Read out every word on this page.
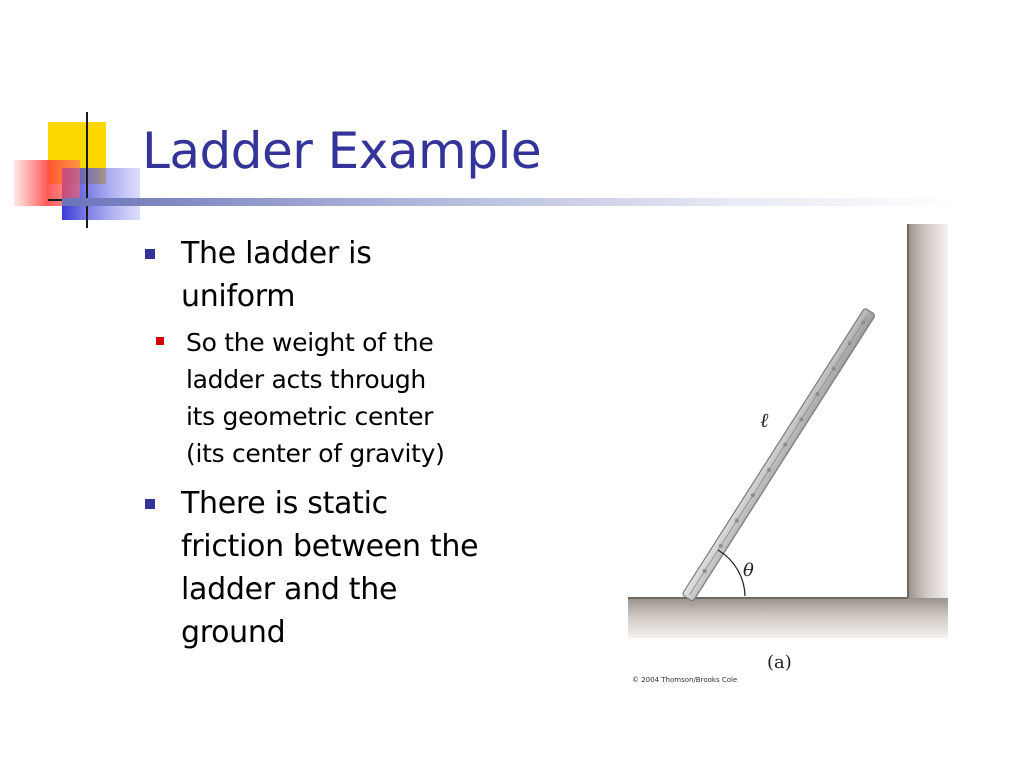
Ladder Example
The ladder is
uniform
So the weight of the
ladder acts through
its geometric center
(its center of gravity)
There is static
friction between the
ladder and the
ground
θ
ℓ
(a)
© 2004 Thomson/Brooks Cole
